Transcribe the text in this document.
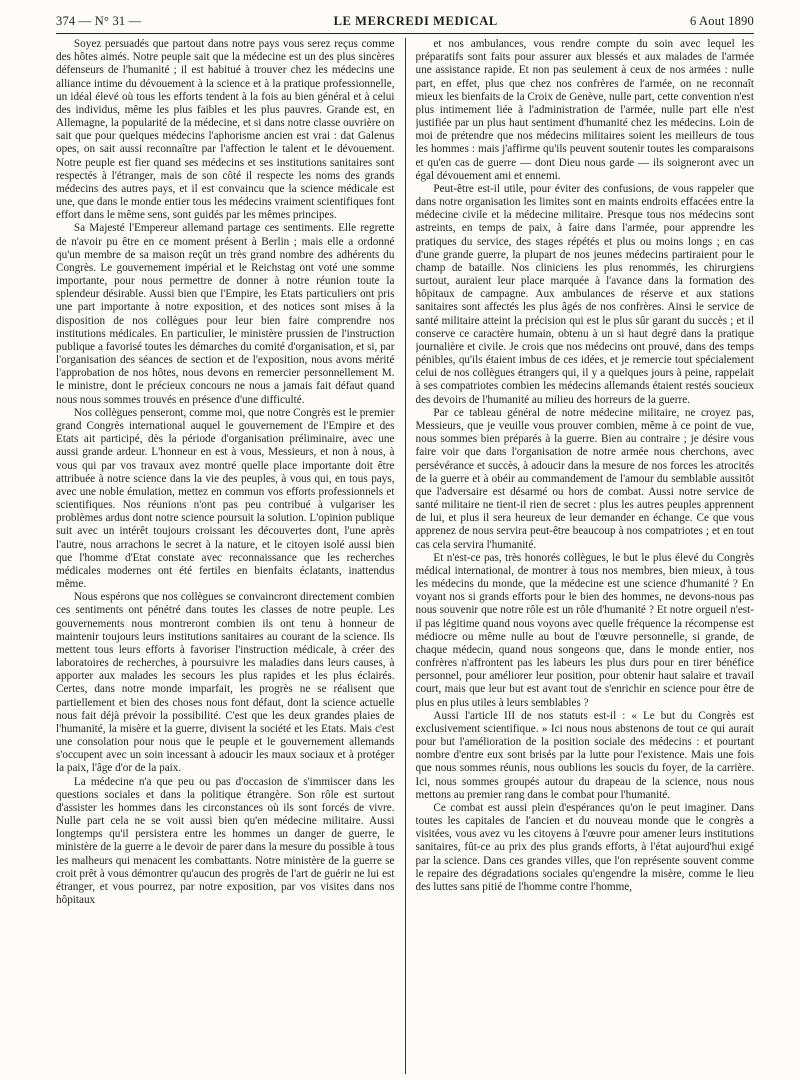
374 — N° 31 —	LE MERCREDI MEDICAL	6 Aout 1890

Soyez persuadés que partout dans notre pays vous serez reçus comme des hôtes aimés. Notre peuple sait que la médecine est un des plus sincères défenseurs de l'humanité ; il est habitué à trouver chez les médecins une alliance intime du dévouement à la science et à la pratique professionnelle, un idéal élevé où tous les efforts tendent à la fois au bien général et à celui des individus, même les plus faibles et les plus pauvres. Grande est, en Allemagne, la popularité de la médecine, et si dans notre classe ouvrière on sait que pour quelques médecins l'aphorisme ancien est vrai : dat Galenus opes, on sait aussi reconnaître par l'affection le talent et le dévouement. Notre peuple est fier quand ses médecins et ses institutions sanitaires sont respectés à l'étranger, mais de son côté il respecte les noms des grands médecins des autres pays, et il est convaincu que la science médicale est une, que dans le monde entier tous les médecins vraiment scientifiques font effort dans le même sens, sont guidés par les mêmes principes.

Sa Majesté l'Empereur allemand partage ces sentiments. Elle regrette de n'avoir pu être en ce moment présent à Berlin ; mais elle a ordonné qu'un membre de sa maison reçût un très grand nombre des adhérents du Congrès. Le gouvernement impérial et le Reichstag ont voté une somme importante, pour nous permettre de donner à notre réunion toute la splendeur désirable. Aussi bien que l'Empire, les Etats particuliers ont pris une part importante à notre exposition, et des notices sont mises à la disposition de nos collègues pour leur bien faire comprendre nos institutions médicales. En particulier, le ministère prussien de l'instruction publique a favorisé toutes les démarches du comité d'organisation, et si, par l'organisation des séances de section et de l'exposition, nous avons mérité l'approbation de nos hôtes, nous devons en remercier personnellement M. le ministre, dont le précieux concours ne nous a jamais fait défaut quand nous nous sommes trouvés en présence d'une difficulté.

Nos collègues penseront, comme moi, que notre Congrès est le premier grand Congrès international auquel le gouvernement de l'Empire et des Etats ait participé, dès la période d'organisation préliminaire, avec une aussi grande ardeur. L'honneur en est à vous, Messieurs, et non à nous, à vous qui par vos travaux avez montré quelle place importante doit être attribuée à notre science dans la vie des peuples, à vous qui, en tous pays, avec une noble émulation, mettez en commun vos efforts professionnels et scientifiques. Nos réunions n'ont pas peu contribué à vulgariser les problèmes ardus dont notre science poursuit la solution. L'opinion publique suit avec un intérêt toujours croissant les découvertes dont, l'une après l'autre, nous arrachons le secret à la nature, et le citoyen isolé aussi bien que l'homme d'Etat constate avec reconnaissance que les recherches médicales modernes ont été fertiles en bienfaits éclatants, inattendus même.

Nous espérons que nos collègues se convaincront directement combien ces sentiments ont pénétré dans toutes les classes de notre peuple. Les gouvernements nous montreront combien ils ont tenu à honneur de maintenir toujours leurs institutions sanitaires au courant de la science. Ils mettent tous leurs efforts à favoriser l'instruction médicale, à créer des laboratoires de recherches, à poursuivre les maladies dans leurs causes, à apporter aux malades les secours les plus rapides et les plus éclairés. Certes, dans notre monde imparfait, les progrès ne se réalisent que partiellement et bien des choses nous font défaut, dont la science actuelle nous fait déjà prévoir la possibilité. C'est que les deux grandes plaies de l'humanité, la misère et la guerre, divisent la société et les Etats. Mais c'est une consolation pour nous que le peuple et le gouvernement allemands s'occupent avec un soin incessant à adoucir les maux sociaux et à protéger la paix, l'âge d'or de la paix.

La médecine n'a que peu ou pas d'occasion de s'immiscer dans les questions sociales et dans la politique étrangère. Son rôle est surtout d'assister les hommes dans les circonstances où ils sont forcés de vivre. Nulle part cela ne se voit aussi bien qu'en médecine militaire. Aussi longtemps qu'il persistera entre les hommes un danger de guerre, le ministère de la guerre a le devoir de parer dans la mesure du possible à tous les malheurs qui menacent les combattants. Notre ministère de la guerre se croit prêt à vous démontrer qu'aucun des progrès de l'art de guérir ne lui est étranger, et vous pourrez, par notre exposition, par vos visites dans nos hôpitaux

et nos ambulances, vous rendre compte du soin avec lequel les préparatifs sont faits pour assurer aux blessés et aux malades de l'armée une assistance rapide. Et non pas seulement à ceux de nos armées : nulle part, en effet, plus que chez nos confrères de l'armée, on ne reconnaît mieux les bienfaits de la Croix de Genève, nulle part, cette convention n'est plus intimement liée à l'administration de l'armée, nulle part elle n'est justifiée par un plus haut sentiment d'humanité chez les médecins. Loin de moi de prétendre que nos médecins militaires soient les meilleurs de tous les hommes : mais j'affirme qu'ils peuvent soutenir toutes les comparaisons et qu'en cas de guerre — dont Dieu nous garde — ils soigneront avec un égal dévouement ami et ennemi.

Peut-être est-il utile, pour éviter des confusions, de vous rappeler que dans notre organisation les limites sont en maints endroits effacées entre la médecine civile et la médecine militaire. Presque tous nos médecins sont astreints, en temps de paix, à faire dans l'armée, pour apprendre les pratiques du service, des stages répétés et plus ou moins longs ; en cas d'une grande guerre, la plupart de nos jeunes médecins partiraient pour le champ de bataille. Nos cliniciens les plus renommés, les chirurgiens surtout, auraient leur place marquée à l'avance dans la formation des hôpitaux de campagne. Aux ambulances de réserve et aux stations sanitaires sont affectés les plus âgés de nos confrères. Ainsi le service de santé militaire atteint la précision qui est le plus sûr garant du succès ; et il conserve ce caractère humain, obtenu à un si haut degré dans la pratique journalière et civile. Je crois que nos médecins ont prouvé, dans des temps pénibles, qu'ils étaient imbus de ces idées, et je remercie tout spécialement celui de nos collègues étrangers qui, il y a quelques jours à peine, rappelait à ses compatriotes combien les médecins allemands étaient restés soucieux des devoirs de l'humanité au milieu des horreurs de la guerre.

Par ce tableau général de notre médecine militaire, ne croyez pas, Messieurs, que je veuille vous prouver combien, même à ce point de vue, nous sommes bien préparés à la guerre. Bien au contraire ; je désire vous faire voir que dans l'organisation de notre armée nous cherchons, avec persévérance et succès, à adoucir dans la mesure de nos forces les atrocités de la guerre et à obéir au commandement de l'amour du semblable aussitôt que l'adversaire est désarmé ou hors de combat. Aussi notre service de santé militaire ne tient-il rien de secret : plus les autres peuples apprennent de lui, et plus il sera heureux de leur demander en échange. Ce que vous apprenez de nous servira peut-être beaucoup à nos compatriotes ; et en tout cas cela servira l'humanité.

Et n'est-ce pas, très honorés collègues, le but le plus élevé du Congrès médical international, de montrer à tous nos membres, bien mieux, à tous les médecins du monde, que la médecine est une science d'humanité ? En voyant nos si grands efforts pour le bien des hommes, ne devons-nous pas nous souvenir que notre rôle est un rôle d'humanité ? Et notre orgueil n'est-il pas légitime quand nous voyons avec quelle fréquence la récompense est médiocre ou même nulle au bout de l'œuvre personnelle, si grande, de chaque médecin, quand nous songeons que, dans le monde entier, nos confrères n'affrontent pas les labeurs les plus durs pour en tirer bénéfice personnel, pour améliorer leur position, pour obtenir haut salaire et travail court, mais que leur but est avant tout de s'enrichir en science pour être de plus en plus utiles à leurs semblables ?

Aussi l'article III de nos statuts est-il : « Le but du Congrès est exclusivement scientifique. » Ici nous nous abstenons de tout ce qui aurait pour but l'amélioration de la position sociale des médecins : et pourtant nombre d'entre eux sont brisés par la lutte pour l'existence. Mais une fois que nous sommes réunis, nous oublions les soucis du foyer, de la carrière. Ici, nous sommes groupés autour du drapeau de la science, nous nous mettons au premier rang dans le combat pour l'humanité.

Ce combat est aussi plein d'espérances qu'on le peut imaginer. Dans toutes les capitales de l'ancien et du nouveau monde que le congrès a visitées, vous avez vu les citoyens à l'œuvre pour amener leurs institutions sanitaires, fût-ce au prix des plus grands efforts, à l'état aujourd'hui exigé par la science. Dans ces grandes villes, que l'on représente souvent comme le repaire des dégradations sociales qu'engendre la misère, comme le lieu des luttes sans pitié de l'homme contre l'homme,
